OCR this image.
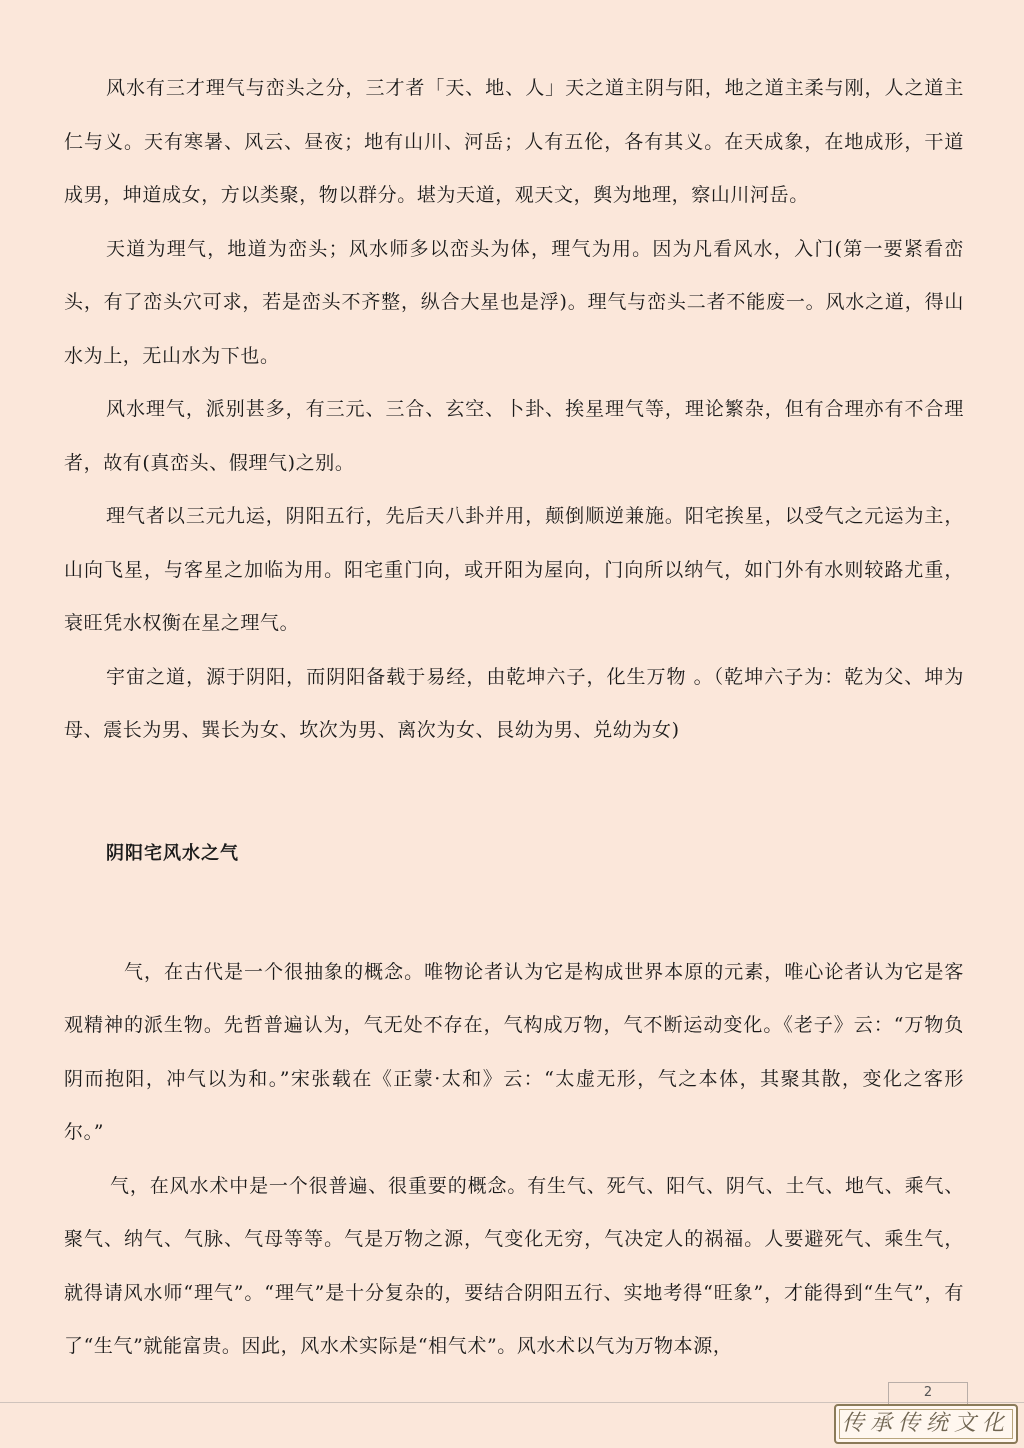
风水有三才理气与峦头之分，三才者「天、地、人」天之道主阴与阳，地之道主柔与刚，人之道主仁与义。天有寒暑、风云、昼夜；地有山川、河岳；人有五伦，各有其义。在天成象，在地成形，干道成男，坤道成女，方以类聚，物以群分。堪为天道，观天文，舆为地理，察山川河岳。

天道为理气，地道为峦头；风水师多以峦头为体，理气为用。因为凡看风水，入门(第一要紧看峦头，有了峦头穴可求，若是峦头不齐整，纵合大星也是浮)。理气与峦头二者不能废一。风水之道，得山水为上，无山水为下也。

风水理气，派别甚多，有三元、三合、玄空、卜卦、挨星理气等，理论繁杂，但有合理亦有不合理者，故有(真峦头、假理气)之别。

理气者以三元九运，阴阳五行，先后天八卦并用，颠倒顺逆兼施。阳宅挨星，以受气之元运为主，山向飞星，与客星之加临为用。阳宅重门向，或开阳为屋向，门向所以纳气，如门外有水则较路尤重，衰旺凭水权衡在星之理气。

宇宙之道，源于阴阳，而阴阳备载于易经，由乾坤六子，化生万物 。（乾坤六子为：乾为父、坤为母、震长为男、巽长为女、坎次为男、离次为女、艮幼为男、兑幼为女)

阴阳宅风水之气

气，在古代是一个很抽象的概念。唯物论者认为它是构成世界本原的元素，唯心论者认为它是客观精神的派生物。先哲普遍认为，气无处不存在，气构成万物，气不断运动变化。《老子》云：“万物负阴而抱阳，冲气以为和。”宋张载在《正蒙·太和》云：“太虚无形，气之本体，其聚其散，变化之客形尔。”

气，在风水术中是一个很普遍、很重要的概念。有生气、死气、阳气、阴气、土气、地气、乘气、聚气、纳气、气脉、气母等等。气是万物之源，气变化无穷，气决定人的祸福。人要避死气、乘生气，就得请风水师“理气”。“理气”是十分复杂的，要结合阴阳五行、实地考得“旺象”，才能得到“生气”，有了“生气”就能富贵。因此，风水术实际是“相气术”。风水术以气为万物本源，

2
传承传统文化
